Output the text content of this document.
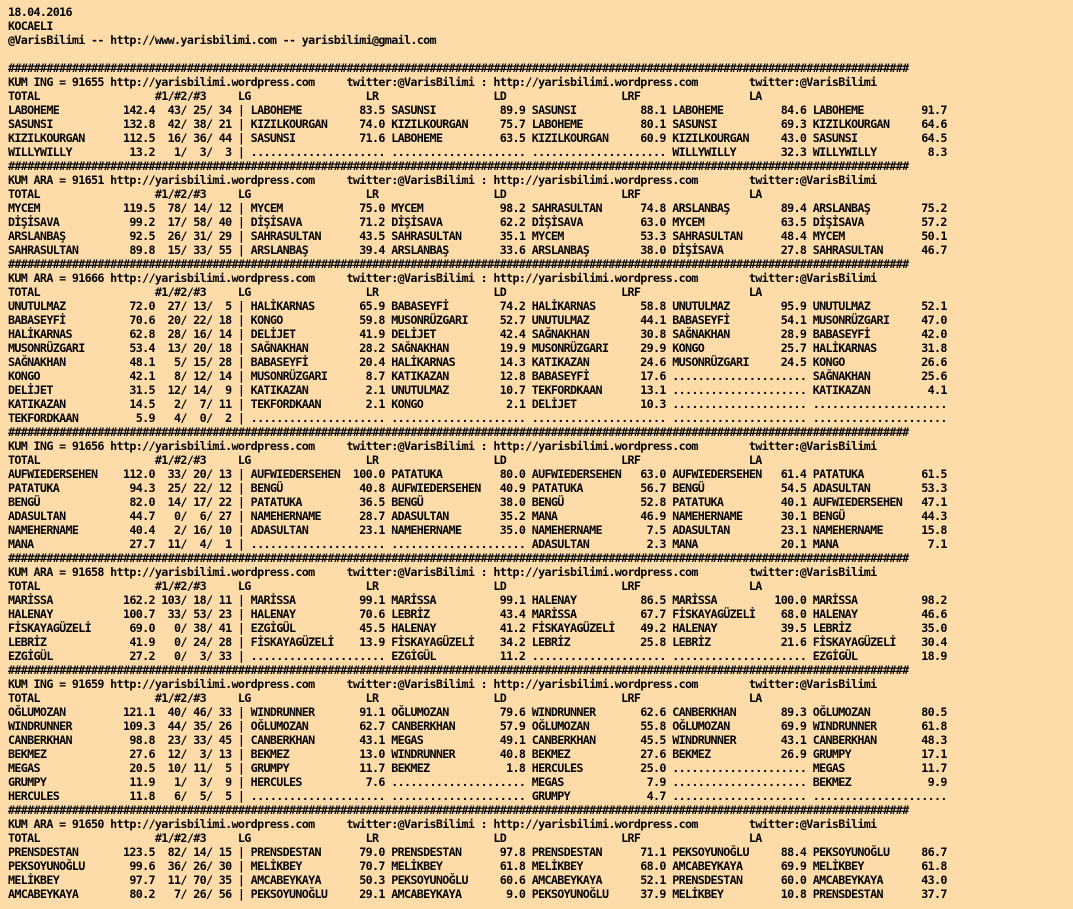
18.04.2016
KOCAELI
@VarisBilimi -- http://www.yarisbilimi.com -- yarisbilimi@gmail.com
#############################################################################################################################################
KUM ING = 91655 http://yarisbilimi.wordpress.com     twitter:@VarisBilimi : http://yarisbilimi.wordpress.com        twitter:@VarisBilimi
TOTAL                  #1/#2/#3     LG                  LR                  LD                  LRF                 LA
LABOHEME          142.4  43/ 25/ 34 | LABOHEME         83.5 SASUNSI          89.9 SASUNSI          88.1 LABOHEME         84.6 LABOHEME         91.7
SASUNSI           132.8  42/ 38/ 21 | KIZILKOURGAN     74.0 KIZILKOURGAN     75.7 LABOHEME         80.1 SASUNSI          69.3 KIZILKOURGAN     64.6
KIZILKOURGAN      112.5  16/ 36/ 44 | SASUNSI          71.6 LABOHEME         63.5 KIZILKOURGAN     60.9 KIZILKOURGAN     43.0 SASUNSI          64.5
WILLYWILLY         13.2   1/  3/  3 | ..................... ..................... ..................... WILLYWILLY       32.3 WILLYWILLY        8.3
#############################################################################################################################################
KUM ARA = 91651 http://yarisbilimi.wordpress.com     twitter:@VarisBilimi : http://yarisbilimi.wordpress.com        twitter:@VarisBilimi
TOTAL                  #1/#2/#3     LG                  LR                  LD                  LRF                 LA
MYCEM             119.5  78/ 14/ 12 | MYCEM            75.0 MYCEM            98.2 SAHRASULTAN      74.8 ARSLANBAŞ        89.4 ARSLANBAŞ        75.2
DİŞİSAVA           99.2  17/ 58/ 40 | DİŞİSAVA         71.2 DİŞİSAVA         62.2 DİŞİSAVA         63.0 MYCEM            63.5 DİŞİSAVA         57.2
ARSLANBAŞ          92.5  26/ 31/ 29 | SAHRASULTAN      43.5 SAHRASULTAN      35.1 MYCEM            53.3 SAHRASULTAN      48.4 MYCEM            50.1
SAHRASULTAN        89.8  15/ 33/ 55 | ARSLANBAŞ        39.4 ARSLANBAŞ        33.6 ARSLANBAŞ        38.0 DİŞİSAVA         27.8 SAHRASULTAN      46.7
#############################################################################################################################################
KUM ARA = 91666 http://yarisbilimi.wordpress.com     twitter:@VarisBilimi : http://yarisbilimi.wordpress.com        twitter:@VarisBilimi
TOTAL                  #1/#2/#3     LG                  LR                  LD                  LRF                 LA
UNUTULMAZ          72.0  27/ 13/  5 | HALİKARNAS       65.9 BABASEYFİ        74.2 HALİKARNAS       58.8 UNUTULMAZ        95.9 UNUTULMAZ        52.1
BABASEYFİ          70.6  20/ 22/ 18 | KONGO            59.8 MUSONRÜZGARI     52.7 UNUTULMAZ        44.1 BABASEYFİ        54.1 MUSONRÜZGARI     47.0
HALİKARNAS         62.8  28/ 16/ 14 | DELİJET          41.9 DELİJET          42.4 SAĞNAKHAN        30.8 SAĞNAKHAN        28.9 BABASEYFİ        42.0
MUSONRÜZGARI       53.4  13/ 20/ 18 | SAĞNAKHAN        28.2 SAĞNAKHAN        19.9 MUSONRÜZGARI     29.9 KONGO            25.7 HALİKARNAS       31.8
SAĞNAKHAN          48.1   5/ 15/ 28 | BABASEYFİ        20.4 HALİKARNAS       14.3 KATIKAZAN        24.6 MUSONRÜZGARI     24.5 KONGO            26.6
KONGO              42.1   8/ 12/ 14 | MUSONRÜZGARI      8.7 KATIKAZAN        12.8 BABASEYFİ        17.6 ..................... SAĞNAKHAN        25.6
DELİJET            31.5  12/ 14/  9 | KATIKAZAN         2.1 UNUTULMAZ        10.7 TEKFORDKAAN      13.1 ..................... KATIKAZAN         4.1
KATIKAZAN          14.5   2/  7/ 11 | TEKFORDKAAN       2.1 KONGO             2.1 DELİJET          10.3 ..................... .....................
TEKFORDKAAN         5.9   4/  0/  2 | ..................... ..................... ..................... ..................... .....................
#############################################################################################################################################
KUM ING = 91656 http://yarisbilimi.wordpress.com     twitter:@VarisBilimi : http://yarisbilimi.wordpress.com        twitter:@VarisBilimi
TOTAL                  #1/#2/#3     LG                  LR                  LD                  LRF                 LA
AUFWIEDERSEHEN    112.0  33/ 20/ 13 | AUFWIEDERSEHEN  100.0 PATATUKA         80.0 AUFWIEDERSEHEN   63.0 AUFWIEDERSEHEN   61.4 PATATUKA         61.5
PATATUKA           94.3  25/ 22/ 12 | BENGÜ            40.8 AUFWIEDERSEHEN   40.9 PATATUKA         56.7 BENGÜ            54.5 ADASULTAN        53.3
BENGÜ              82.0  14/ 17/ 22 | PATATUKA         36.5 BENGÜ            38.0 BENGÜ            52.8 PATATUKA         40.1 AUFWIEDERSEHEN   47.1
ADASULTAN          44.7   0/  6/ 27 | NAMEHERNAME      28.7 ADASULTAN        35.2 MANA             46.9 NAMEHERNAME      30.1 BENGÜ            44.3
NAMEHERNAME        40.4   2/ 16/ 10 | ADASULTAN        23.1 NAMEHERNAME      35.0 NAMEHERNAME       7.5 ADASULTAN        23.1 NAMEHERNAME      15.8
MANA               27.7  11/  4/  1 | ..................... ..................... ADASULTAN         2.3 MANA             20.1 MANA              7.1
#############################################################################################################################################
KUM ARA = 91658 http://yarisbilimi.wordpress.com     twitter:@VarisBilimi : http://yarisbilimi.wordpress.com        twitter:@VarisBilimi
TOTAL                  #1/#2/#3     LG                  LR                  LD                  LRF                 LA
MARİSSA           162.2 103/ 18/ 11 | MARİSSA          99.1 MARİSSA          99.1 HALENAY          86.5 MARİSSA         100.0 MARİSSA          98.2
HALENAY           100.7  33/ 53/ 23 | HALENAY          70.6 LEBRİZ           43.4 MARİSSA          67.7 FİSKAYAGÜZELİ    68.0 HALENAY          46.6
FİSKAYAGÜZELİ      69.0   0/ 38/ 41 | EZGİGÜL          45.5 HALENAY          41.2 FİSKAYAGÜZELİ    49.2 HALENAY          39.5 LEBRİZ           35.0
LEBRİZ             41.9   0/ 24/ 28 | FİSKAYAGÜZELİ    13.9 FİSKAYAGÜZELİ    34.2 LEBRİZ           25.8 LEBRİZ           21.6 FİSKAYAGÜZELİ    30.4
EZGİGÜL            27.2   0/  3/ 33 | ..................... EZGİGÜL          11.2 ..................... ..................... EZGİGÜL          18.9
#############################################################################################################################################
KUM ING = 91659 http://yarisbilimi.wordpress.com     twitter:@VarisBilimi : http://yarisbilimi.wordpress.com        twitter:@VarisBilimi
TOTAL                  #1/#2/#3     LG                  LR                  LD                  LRF                 LA
OĞLUMOZAN         121.1  40/ 46/ 33 | WINDRUNNER       91.1 OĞLUMOZAN        79.6 WINDRUNNER       62.6 CANBERKHAN       89.3 OĞLUMOZAN        80.5
WINDRUNNER        109.3  44/ 35/ 26 | OĞLUMOZAN        62.7 CANBERKHAN       57.9 OĞLUMOZAN        55.8 OĞLUMOZAN        69.9 WINDRUNNER       61.8
CANBERKHAN         98.8  23/ 33/ 45 | CANBERKHAN       43.1 MEGAS            49.1 CANBERKHAN       45.5 WINDRUNNER       43.1 CANBERKHAN       48.3
BEKMEZ             27.6  12/  3/ 13 | BEKMEZ           13.0 WINDRUNNER       40.8 BEKMEZ           27.6 BEKMEZ           26.9 GRUMPY           17.1
MEGAS              20.5  10/ 11/  5 | GRUMPY           11.7 BEKMEZ            1.8 HERCULES         25.0 ..................... MEGAS            11.7
GRUMPY             11.9   1/  3/  9 | HERCULES          7.6 ..................... MEGAS             7.9 ..................... BEKMEZ            9.9
HERCULES           11.8   6/  5/  5 | ..................... ..................... GRUMPY            4.7 ..................... .....................
#############################################################################################################################################
KUM ARA = 91650 http://yarisbilimi.wordpress.com     twitter:@VarisBilimi : http://yarisbilimi.wordpress.com        twitter:@VarisBilimi
TOTAL                  #1/#2/#3     LG                  LR                  LD                  LRF                 LA
PRENSDESTAN       123.5  82/ 14/ 15 | PRENSDESTAN      79.0 PRENSDESTAN      97.8 PRENSDESTAN      71.1 PEKSOYUNOĞLU     88.4 PEKSOYUNOĞLU     86.7
PEKSOYUNOĞLU       99.6  36/ 26/ 30 | MELİKBEY         70.7 MELİKBEY         61.8 MELİKBEY         68.0 AMCABEYKAYA      69.9 MELİKBEY         61.8
MELİKBEY           97.7  11/ 70/ 35 | AMCABEYKAYA      50.3 PEKSOYUNOĞLU     60.6 AMCABEYKAYA      52.1 PRENSDESTAN      60.0 AMCABEYKAYA      43.0
AMCABEYKAYA        80.2   7/ 26/ 56 | PEKSOYUNOĞLU     29.1 AMCABEYKAYA       9.0 PEKSOYUNOĞLU     37.9 MELİKBEY         10.8 PRENSDESTAN      37.7
